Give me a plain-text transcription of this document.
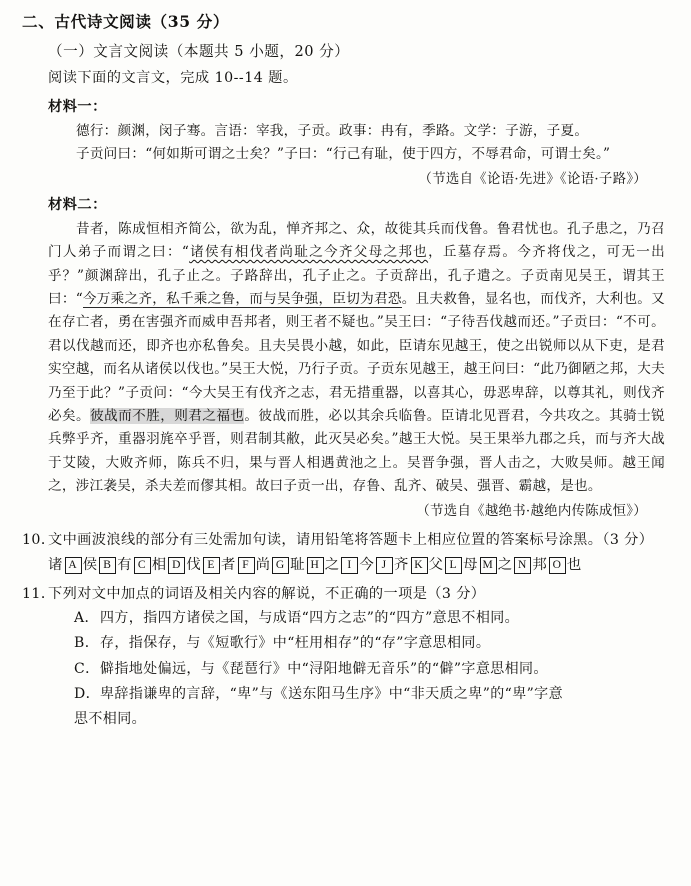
二、古代诗文阅读（35 分）
（一）文言文阅读（本题共 5 小题，20 分）
阅读下面的文言文，完成 10--14 题。
材料一：
德行：颜渊，闵子骞。言语：宰我，子贡。政事：冉有，季路。文学：子游，子夏。
子贡问曰：“何如斯可谓之士矣？”子曰：“行己有耻，使于四方，不辱君命，可谓士矣。”
（节选自《论语·先进》《论语·子路》）
材料二：
昔者，陈成恒相齐简公，欲为乱，惮齐邦之、众，故徙其兵而伐鲁。鲁君忧也。孔子患之，乃召门人弟子而谓之曰：“诸侯有相伐者尚耻之今齐父母之邦也，丘墓存焉。今齐将伐之，可无一出乎？”颜渊辞出，孔子止之。子路辞出，孔子止之。子贡辞出，孔子遣之。子贡南见吴王，谓其王曰：“今万乘之齐，私千乘之鲁，而与吴争强，臣切为君恐。且夫救鲁，显名也，而伐齐，大利也。又在存亡者，勇在害强齐而威申吾邦者，则王者不疑也。”吴王曰：“子待吾伐越而还。”子贡曰：“不可。君以伐越而还，即齐也亦私鲁矣。且夫吴畏小越，如此，臣请东见越王，使之出锐师以从下吏，是君实空越，而名从诸侯以伐也。”吴王大悦，乃行子贡。子贡东见越王，越王问曰：“此乃御陋之邦，大夫乃至于此？”子贡问：“今大吴王有伐齐之志，君无措重器，以喜其心，毋恶卑辞，以尊其礼，则伐齐必矣。彼战而不胜，则君之福也。彼战而胜，必以其余兵临鲁。臣请北见晋君，今共攻之。其骑士锐兵弊乎齐，重器羽旄卒乎晋，则君制其敝，此灭吴必矣。”越王大悦。吴王果举九郡之兵，而与齐大战于艾陵，大败齐师，陈兵不归，果与晋人相遇黄池之上。吴晋争强，晋人击之，大败吴师。越王闻之，涉江袭吴，杀夫差而僇其相。故曰子贡一出，存鲁、乱齐、破吴、强晋、霸越，是也。
（节选自《越绝书·越绝内传陈成恒》）
10．
文中画波浪线的部分有三处需加句读，请用铅笔将答题卡上相应位置的答案标号涂黑。（3 分）
诸 A 侯 B 有 C 相 D 伐 E 者 F 尚 G 耻 H 之 I 今 J 齐 K 父 L 母 M 之 N 邦 O 也
11．
下列对文中加点的词语及相关内容的解说，不正确的一项是（3 分）
A． 四方，指四方诸侯之国，与成语“四方之志”的“四方”意思不相同。
B． 存，指保存，与《短歌行》中“枉用相存”的“存”字意思相同。
C． 僻指地处偏远，与《琵琶行》中“浔阳地僻无音乐”的“僻”字意思相同。
D． 卑辞指谦卑的言辞，“卑”与《送东阳马生序》中“非天质之卑”的“卑”字意
思不相同。
